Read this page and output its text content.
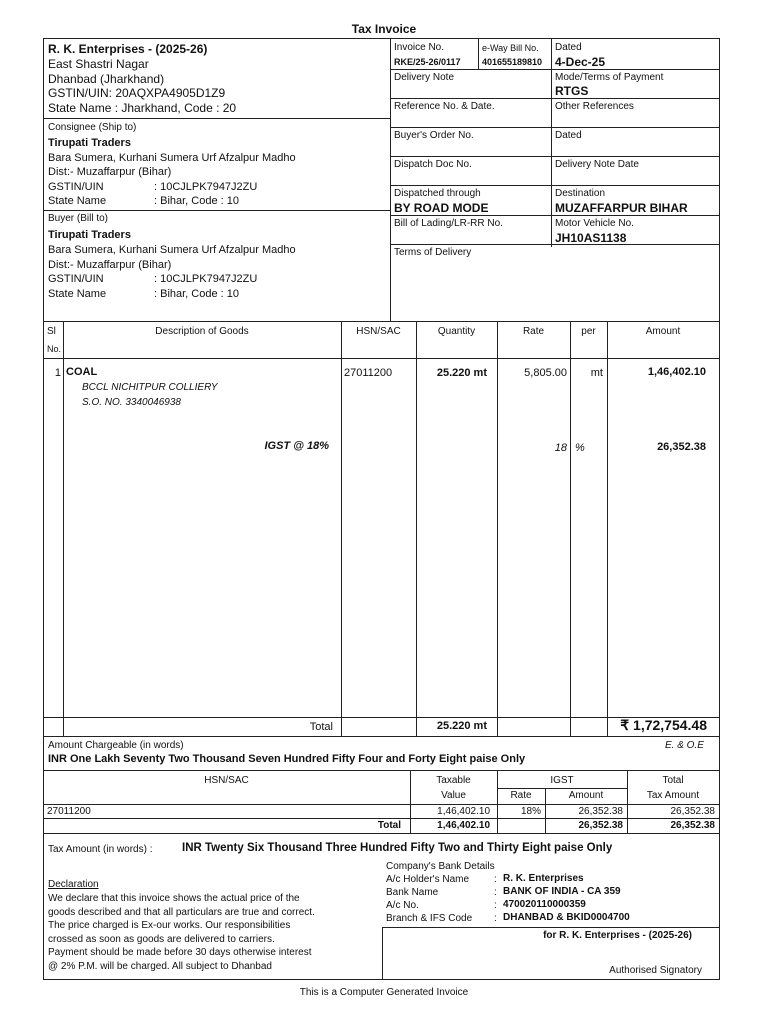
Tax Invoice
R. K. Enterprises - (2025-26)
East Shastri Nagar
Dhanbad (Jharkhand)
GSTIN/UIN: 20AQXPA4905D1Z9
State Name : Jharkhand, Code : 20
Consignee (Ship to)
Tirupati Traders
Bara Sumera, Kurhani Sumera Urf Afzalpur Madho
Dist:- Muzaffarpur (Bihar)
GSTIN/UIN	: 10CJLPK7947J2ZU
State Name	: Bihar, Code : 10
Buyer (Bill to)
Tirupati Traders
Bara Sumera, Kurhani Sumera Urf Afzalpur Madho
Dist:- Muzaffarpur (Bihar)
GSTIN/UIN	: 10CJLPK7947J2ZU
State Name	: Bihar, Code : 10
Invoice No.
RKE/25-26/0117
e-Way Bill No.
401655189810
Dated
4-Dec-25
Delivery Note	Mode/Terms of Payment
RTGS
Reference No. & Date.	Other References
Buyer's Order No.	Dated
Dispatch Doc No.	Delivery Note Date
Dispatched through
BY ROAD MODE
Destination
MUZAFFARPUR BIHAR
Bill of Lading/LR-RR No.	Motor Vehicle No.
JH10AS1138
Terms of Delivery
Sl
No.
Description of Goods	HSN/SAC	Quantity	Rate	per	Amount
1 COAL
BCCL NICHITPUR COLLIERY
S.O. NO. 3340046938
27011200	25.220 mt	5,805.00	mt	1,46,402.10
IGST @ 18%	18 %	26,352.38
Total	25.220 mt	₹ 1,72,754.48
Amount Chargeable (in words)	E. & O.E
INR One Lakh Seventy Two Thousand Seven Hundred Fifty Four and Forty Eight paise Only
HSN/SAC	Taxable
Value
IGST
Rate	Amount
Total
Tax Amount
27011200	1,46,402.10	18%	26,352.38	26,352.38
Total	1,46,402.10	26,352.38	26,352.38
Tax Amount (in words) :	INR Twenty Six Thousand Three Hundred Fifty Two and Thirty Eight paise Only
Company's Bank Details
A/c Holder's Name : R. K. Enterprises
Bank Name	: BANK OF INDIA - CA 359
A/c No.	: 470020110000359
Branch & IFS Code : DHANBAD & BKID0004700
for R. K. Enterprises - (2025-26)
Authorised Signatory
Declaration
We declare that this invoice shows the actual price of the
goods described and that all particulars are true and correct.
The price charged is Ex-our works. Our responsibilities
crossed as soon as goods are delivered to carriers.
Payment should be made before 30 days otherwise interest
@ 2% P.M. will be charged. All subject to Dhanbad
This is a Computer Generated Invoice
